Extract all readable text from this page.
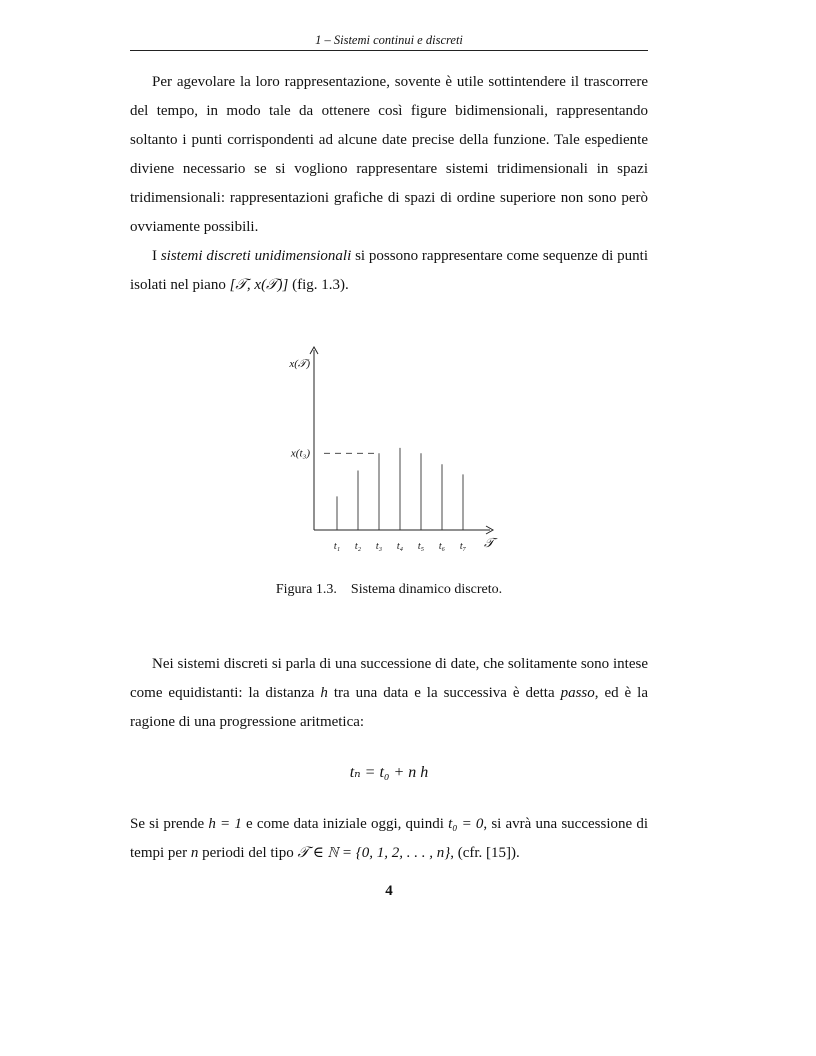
1 – Sistemi continui e discreti

Per agevolare la loro rappresentazione, sovente è utile sottintendere il trascorrere del tempo, in modo tale da ottenere così figure bidimensionali, rappresentando soltanto i punti corrispondenti ad alcune date precise della funzione. Tale espediente diviene necessario se si vogliono rappresentare sistemi tridimensionali in spazi tridimensionali: rappresentazioni grafiche di spazi di ordine superiore non sono però ovviamente possibili.

I sistemi discreti unidimensionali si possono rappresentare come sequenze di punti isolati nel piano [𝒯, x(𝒯)] (fig. 1.3).

x(𝒯)
x(t₃)
𝒯
t₁ t₂ t₃ t₄ t₅ t₆ t₇
Figura 1.3. Sistema dinamico discreto.

Nei sistemi discreti si parla di una successione di date, che solitamente sono intese come equidistanti: la distanza h tra una data e la successiva è detta passo, ed è la ragione di una progressione aritmetica:

tₙ = t₀ + n h

Se si prende h = 1 e come data iniziale oggi, quindi t₀ = 0, si avrà una successione di tempi per n periodi del tipo 𝒯 ∈ ℕ = {0, 1, 2, . . . , n}, (cfr. [15]).

4
